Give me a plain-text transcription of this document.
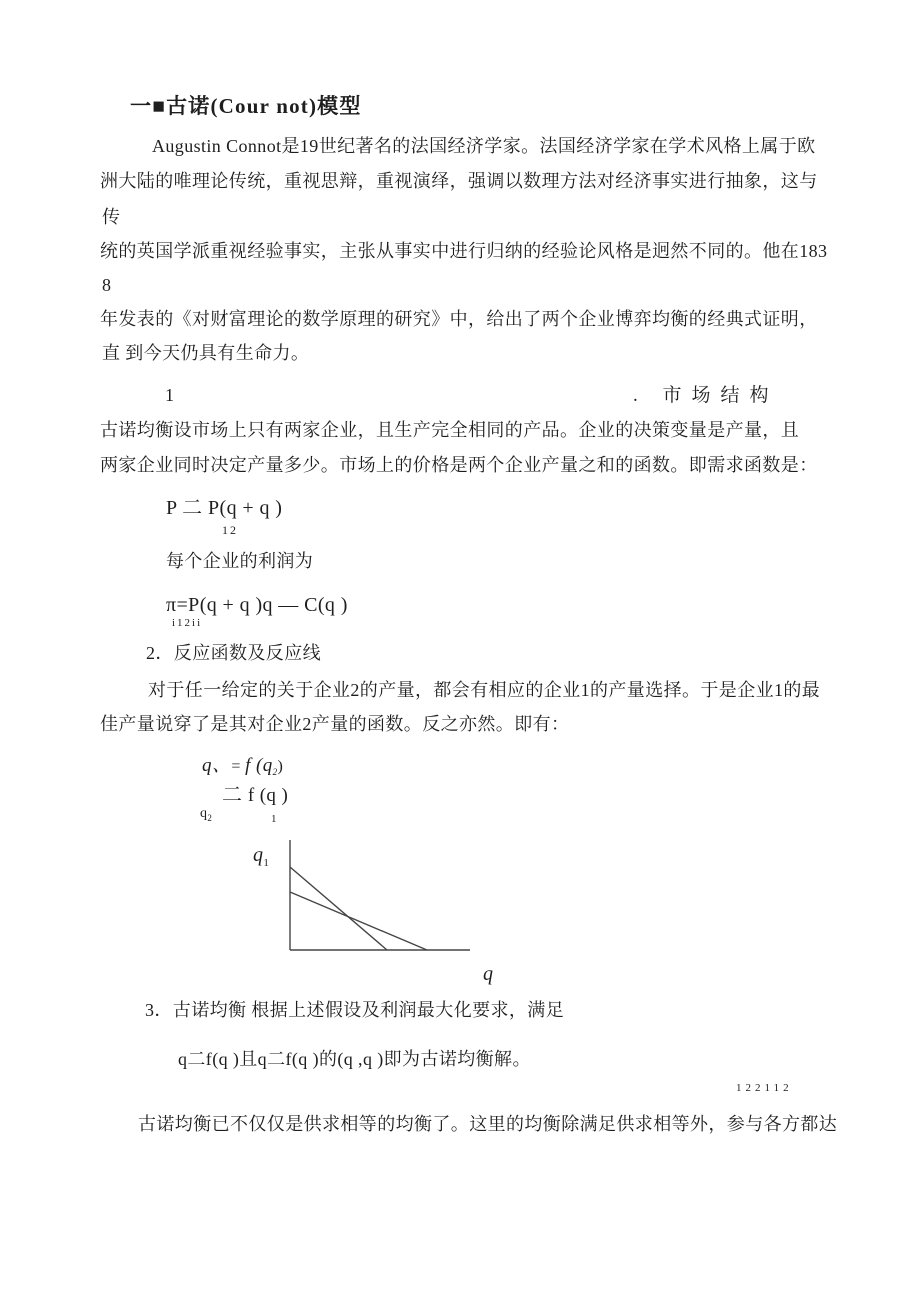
一■古诺(Cour not)模型
Augustin Connot是19世纪著名的法国经济学家。法国经济学家在学术风格上属于欧
洲大陆的唯理论传统，重视思辩，重视演绎，强调以数理方法对经济事实进行抽象，这与
传
统的英国学派重视经验事实，主张从事实中进行归纳的经验论风格是迥然不同的。他在183
8
年发表的《对财富理论的数学原理的研究》中，给出了两个企业博弈均衡的经典式证明，
直 到今天仍具有生命力。
1	. 市场结构
古诺均衡设市场上只有两家企业，且生产完全相同的产品。企业的决策变量是产量，且
两家企业同时决定产量多少。市场上的价格是两个企业产量之和的函数。即需求函数是：
P 二 P(q + q )
12
每个企业的利润为
π=P(q + q )q — C(q )
i12ii
2．反应函数及反应线
对于任一给定的关于企业2的产量，都会有相应的企业1的产量选择。于是企业1的最
佳产量说穿了是其对企业2产量的函数。反之亦然。即有：
q、= f $(q_2)$
二 f (q )
$q_2$	1
$q_1$
q
3．古诺均衡 根据上述假设及利润最大化要求，满足
q二f(q )且q二f(q )的(q ,q )即为古诺均衡解。
122112
古诺均衡已不仅仅是供求相等的均衡了。这里的均衡除满足供求相等外，参与各方都达
